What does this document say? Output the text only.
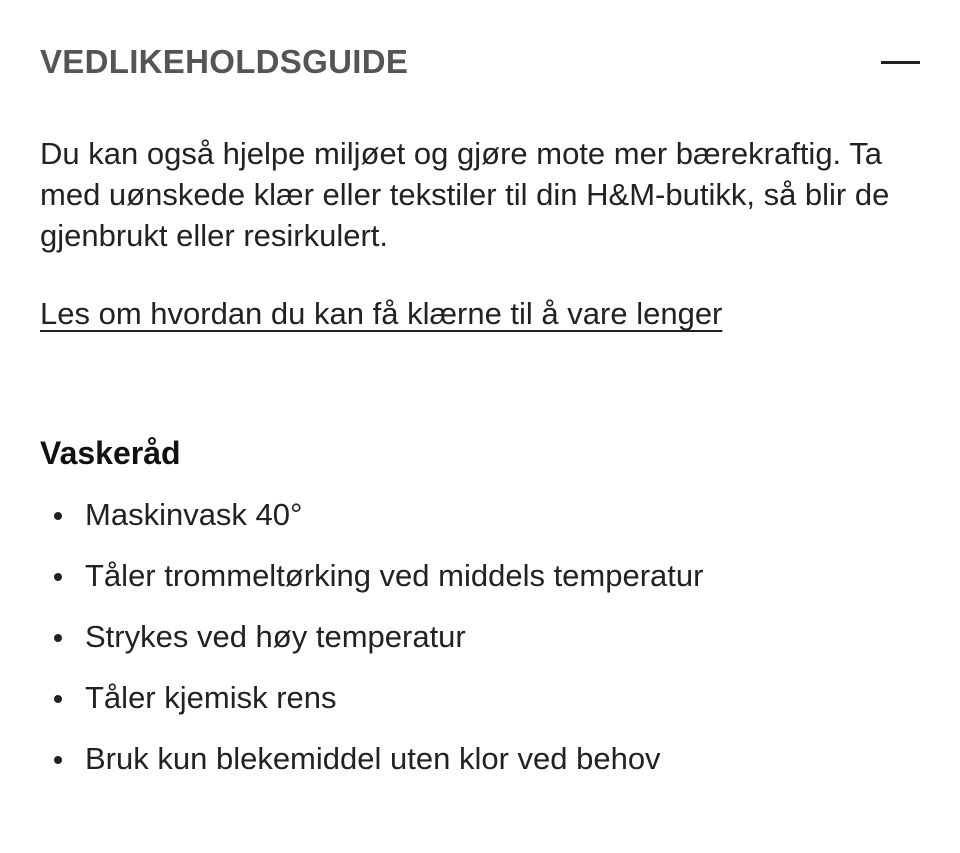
VEDLIKEHOLDSGUIDE

Du kan også hjelpe miljøet og gjøre mote mer bærekraftig. Ta med uønskede klær eller tekstiler til din H&M-butikk, så blir de gjenbrukt eller resirkulert.

Les om hvordan du kan få klærne til å vare lenger
Vaskeråd
Maskinvask 40°
Tåler trommeltørking ved middels temperatur
Strykes ved høy temperatur
Tåler kjemisk rens
Bruk kun blekemiddel uten klor ved behov
